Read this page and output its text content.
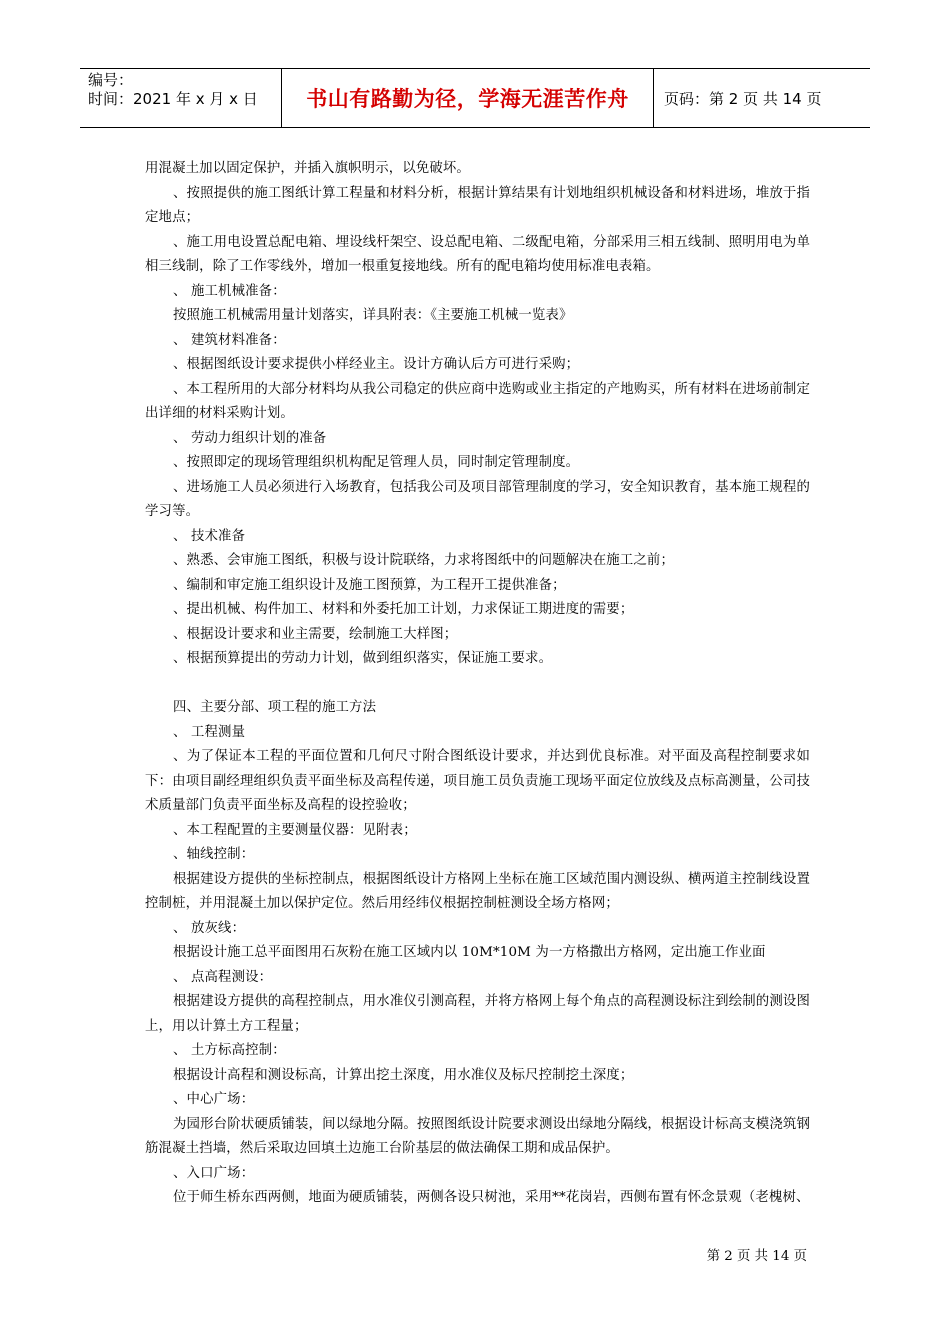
编号：
时间：2021 年 x 月 x 日	书山有路勤为径，学海无涯苦作舟	页码：第 2 页 共 14 页

用混凝土加以固定保护，并插入旗帜明示，以免破坏。

、按照提供的施工图纸计算工程量和材料分析，根据计算结果有计划地组织机械设备和材料进场，堆放于指定地点；

、施工用电设置总配电箱、埋设线杆架空、设总配电箱、二级配电箱，分部采用三相五线制、照明用电为单相三线制，除了工作零线外，增加一根重复接地线。所有的配电箱均使用标准电表箱。

、 施工机械准备：

按照施工机械需用量计划落实，详具附表：《主要施工机械一览表》

、 建筑材料准备：

、根据图纸设计要求提供小样经业主。设计方确认后方可进行采购；

、本工程所用的大部分材料均从我公司稳定的供应商中选购或业主指定的产地购买，所有材料在进场前制定出详细的材料采购计划。

、 劳动力组织计划的准备

、按照即定的现场管理组织机构配足管理人员，同时制定管理制度。

、进场施工人员必须进行入场教育，包括我公司及项目部管理制度的学习，安全知识教育，基本施工规程的学习等。

、 技术准备

、熟悉、会审施工图纸，积极与设计院联络，力求将图纸中的问题解决在施工之前；

、编制和审定施工组织设计及施工图预算，为工程开工提供准备；

、提出机械、构件加工、材料和外委托加工计划，力求保证工期进度的需要；

、根据设计要求和业主需要，绘制施工大样图；

、根据预算提出的劳动力计划，做到组织落实，保证施工要求。

四、主要分部、项工程的施工方法

、 工程测量

、为了保证本工程的平面位置和几何尺寸附合图纸设计要求，并达到优良标准。对平面及高程控制要求如下：由项目副经理组织负责平面坐标及高程传递，项目施工员负责施工现场平面定位放线及点标高测量，公司技术质量部门负责平面坐标及高程的设控验收；

、本工程配置的主要测量仪器：见附表；

、轴线控制：

根据建设方提供的坐标控制点，根据图纸设计方格网上坐标在施工区域范围内测设纵、横两道主控制线设置控制桩，并用混凝土加以保护定位。然后用经纬仪根据控制桩测设全场方格网；

、 放灰线：

根据设计施工总平面图用石灰粉在施工区域内以 10M*10M 为一方格撒出方格网，定出施工作业面

、 点高程测设：

根据建设方提供的高程控制点，用水准仪引测高程，并将方格网上每个角点的高程测设标注到绘制的测设图上，用以计算土方工程量；

、 土方标高控制：

根据设计高程和测设标高，计算出挖土深度，用水准仪及标尺控制挖土深度；

、中心广场：

为园形台阶状硬质铺装，间以绿地分隔。按照图纸设计院要求测设出绿地分隔线，根据设计标高支模浇筑钢筋混凝土挡墙，然后采取边回填土边施工台阶基层的做法确保工期和成品保护。

、入口广场：

位于师生桥东西两侧，地面为硬质铺装，两侧各设只树池，采用**花岗岩，西侧布置有怀念景观（老槐树、

第 2 页 共 14 页
